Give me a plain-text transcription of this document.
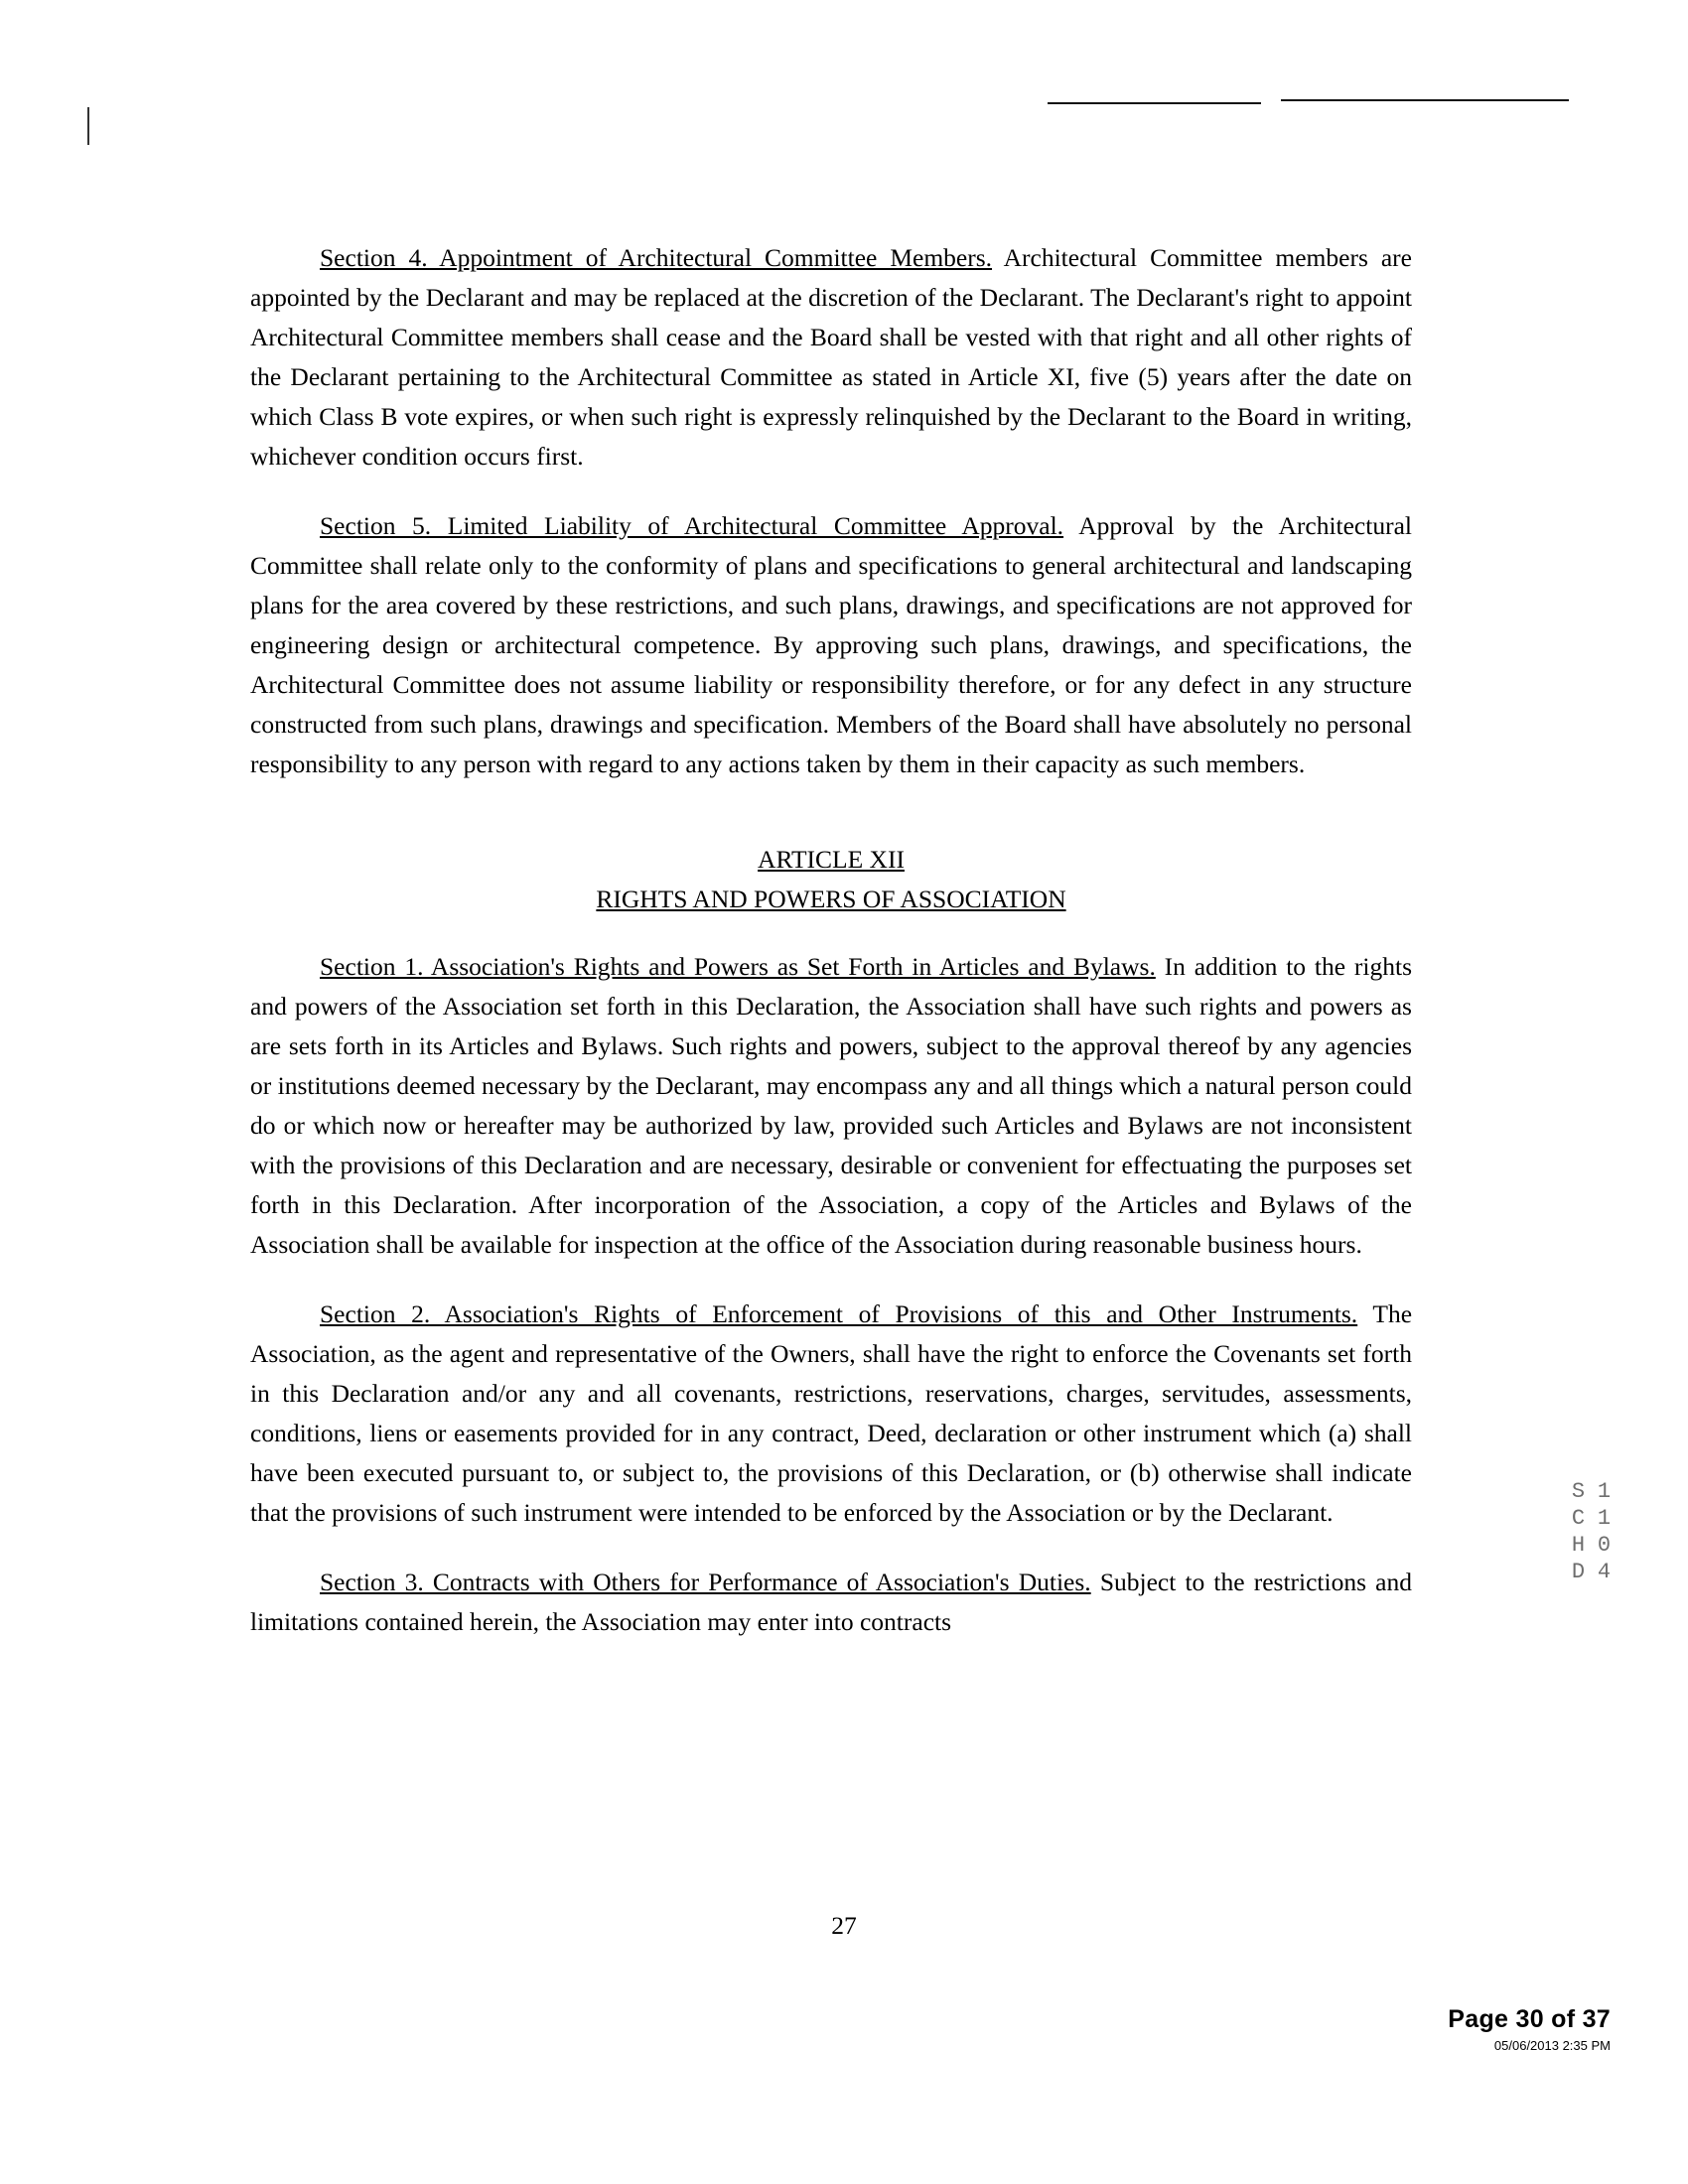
Section 4. Appointment of Architectural Committee Members. Architectural Committee members are appointed by the Declarant and may be replaced at the discretion of the Declarant. The Declarant's right to appoint Architectural Committee members shall cease and the Board shall be vested with that right and all other rights of the Declarant pertaining to the Architectural Committee as stated in Article XI, five (5) years after the date on which Class B vote expires, or when such right is expressly relinquished by the Declarant to the Board in writing, whichever condition occurs first.

Section 5. Limited Liability of Architectural Committee Approval. Approval by the Architectural Committee shall relate only to the conformity of plans and specifications to general architectural and landscaping plans for the area covered by these restrictions, and such plans, drawings, and specifications are not approved for engineering design or architectural competence. By approving such plans, drawings, and specifications, the Architectural Committee does not assume liability or responsibility therefore, or for any defect in any structure constructed from such plans, drawings and specification. Members of the Board shall have absolutely no personal responsibility to any person with regard to any actions taken by them in their capacity as such members.

ARTICLE XII
RIGHTS AND POWERS OF ASSOCIATION

Section 1. Association's Rights and Powers as Set Forth in Articles and Bylaws. In addition to the rights and powers of the Association set forth in this Declaration, the Association shall have such rights and powers as are sets forth in its Articles and Bylaws. Such rights and powers, subject to the approval thereof by any agencies or institutions deemed necessary by the Declarant, may encompass any and all things which a natural person could do or which now or hereafter may be authorized by law, provided such Articles and Bylaws are not inconsistent with the provisions of this Declaration and are necessary, desirable or convenient for effectuating the purposes set forth in this Declaration. After incorporation of the Association, a copy of the Articles and Bylaws of the Association shall be available for inspection at the office of the Association during reasonable business hours.

Section 2. Association's Rights of Enforcement of Provisions of this and Other Instruments. The Association, as the agent and representative of the Owners, shall have the right to enforce the Covenants set forth in this Declaration and/or any and all covenants, restrictions, reservations, charges, servitudes, assessments, conditions, liens or easements provided for in any contract, Deed, declaration or other instrument which (a) shall have been executed pursuant to, or subject to, the provisions of this Declaration, or (b) otherwise shall indicate that the provisions of such instrument were intended to be enforced by the Association or by the Declarant.

Section 3. Contracts with Others for Performance of Association's Duties. Subject to the restrictions and limitations contained herein, the Association may enter into contracts

1104
SCHD
27
Page 30 of 37
05/06/2013 2:35 PM
